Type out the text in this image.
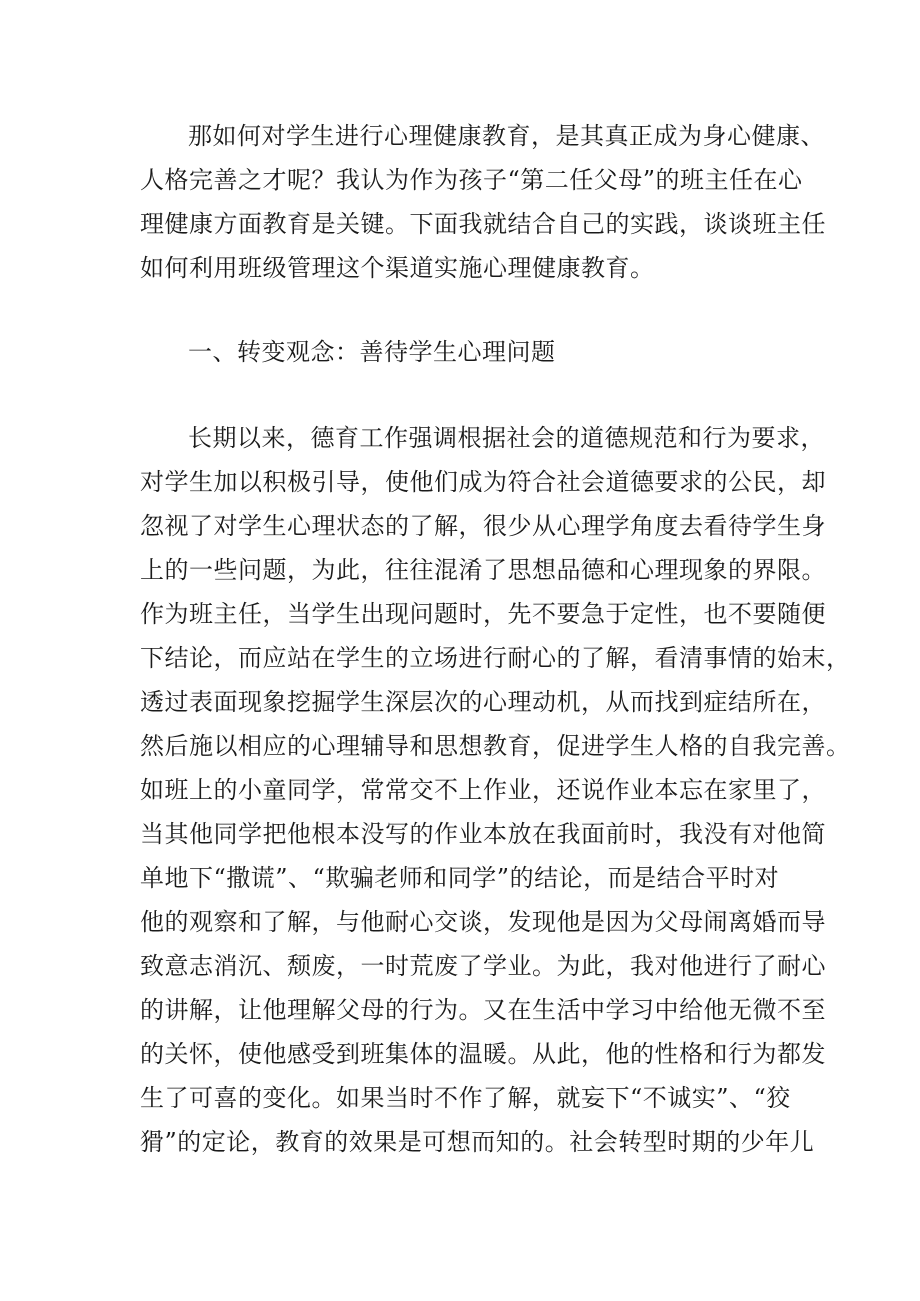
那如何对学生进行心理健康教育，是其真正成为身心健康、
人格完善之才呢？我认为作为孩子“第二任父母”的班主任在心
理健康方面教育是关键。下面我就结合自己的实践，谈谈班主任
如何利用班级管理这个渠道实施心理健康教育。
一、转变观念：善待学生心理问题
长期以来，德育工作强调根据社会的道德规范和行为要求，
对学生加以积极引导，使他们成为符合社会道德要求的公民，却
忽视了对学生心理状态的了解，很少从心理学角度去看待学生身
上的一些问题，为此，往往混淆了思想品德和心理现象的界限。
作为班主任，当学生出现问题时，先不要急于定性，也不要随便
下结论，而应站在学生的立场进行耐心的了解，看清事情的始末，
透过表面现象挖掘学生深层次的心理动机，从而找到症结所在，
然后施以相应的心理辅导和思想教育，促进学生人格的自我完善。
如班上的小童同学，常常交不上作业，还说作业本忘在家里了，
当其他同学把他根本没写的作业本放在我面前时，我没有对他简
单地下“撒谎”、“欺骗老师和同学”的结论，而是结合平时对
他的观察和了解，与他耐心交谈，发现他是因为父母闹离婚而导
致意志消沉、颓废，一时荒废了学业。为此，我对他进行了耐心
的讲解，让他理解父母的行为。又在生活中学习中给他无微不至
的关怀，使他感受到班集体的温暖。从此，他的性格和行为都发
生了可喜的变化。如果当时不作了解，就妄下“不诚实”、“狡
猾”的定论，教育的效果是可想而知的。社会转型时期的少年儿
